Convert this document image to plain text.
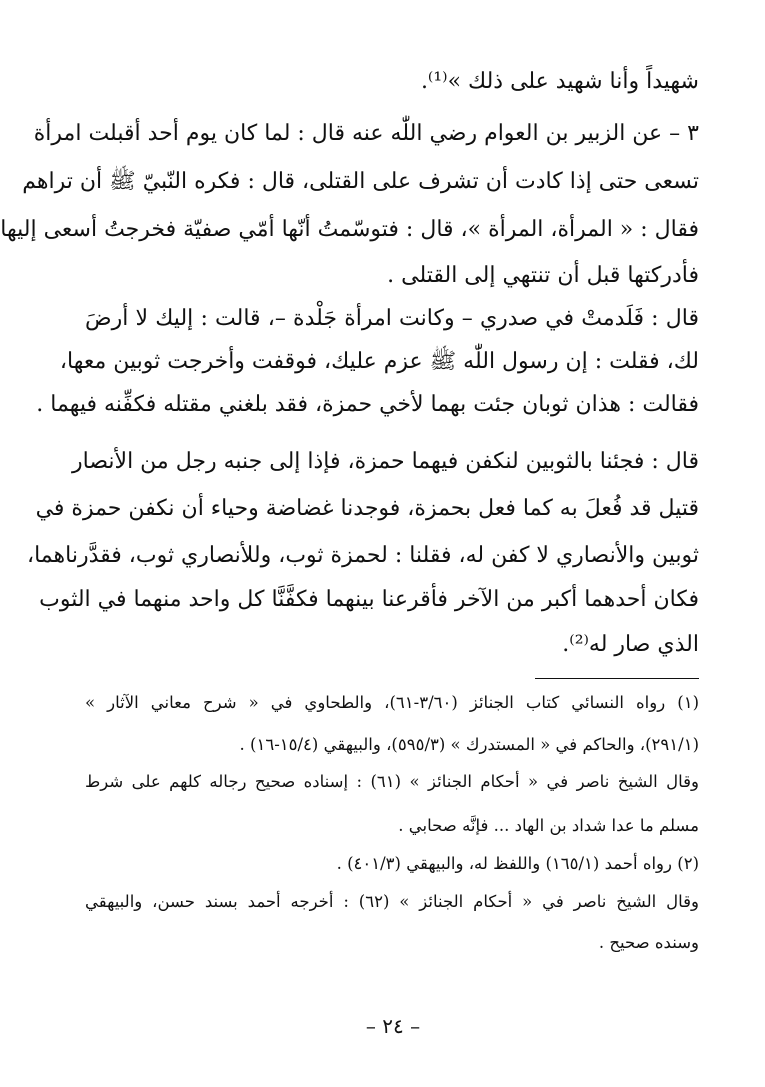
شهيداً وأنا شهيد على ذلك »⁽¹⁾.
٣ – عن الزبير بن العوام رضي اللّٰه عنه قال : لما كان يوم أحد أقبلت امرأة
تسعى حتى إذا كادت أن تشرف على القتلى، قال : فكره النّبيّ ﷺ أن تراهم
فقال : « المرأة، المرأة »، قال : فتوسّمتُ أنّها أمّي صفيّة فخرجتُ أسعى إليها
فأدركتها قبل أن تنتهي إلى القتلى .
قال : فَلَدمتْ في صدري – وكانت امرأة جَلْدة –، قالت : إليك لا أرضَ
لك، فقلت : إن رسول اللّٰه ﷺ عزم عليك، فوقفت وأخرجت ثوبين معها،
فقالت : هذان ثوبان جئت بهما لأخي حمزة، فقد بلغني مقتله فكفِّنه فيهما .
قال : فجئنا بالثوبين لنكفن فيهما حمزة، فإذا إلى جنبه رجل من الأنصار
قتيل قد فُعلَ به كما فعل بحمزة، فوجدنا غضاضة وحياء أن نكفن حمزة في
ثوبين والأنصاري لا كفن له، فقلنا : لحمزة ثوب، وللأنصاري ثوب، فقدَّرناهما،
فكان أحدهما أكبر من الآخر فأقرعنا بينهما فكفَّنَّا كل واحد منهما في الثوب
الذي صار له⁽²⁾.
(١) رواه النسائي كتاب الجنائز (٣/٦٠-٦١)، والطحاوي في « شرح معاني الآثار »
(٢٩١/١)، والحاكم في « المستدرك » (٥٩٥/٣)، والبيهقي (١٥/٤-١٦) .
وقال الشيخ ناصر في « أحكام الجنائز » (٦١) : إسناده صحيح رجاله كلهم على شرط
مسلم ما عدا شداد بن الهاد ... فإنَّه صحابي .
(٢) رواه أحمد (١٦٥/١) واللفظ له، والبيهقي (٤٠١/٣) .
وقال الشيخ ناصر في « أحكام الجنائز » (٦٢) : أخرجه أحمد بسند حسن، والبيهقي
وسنده صحيح .
– ٢٤ –
